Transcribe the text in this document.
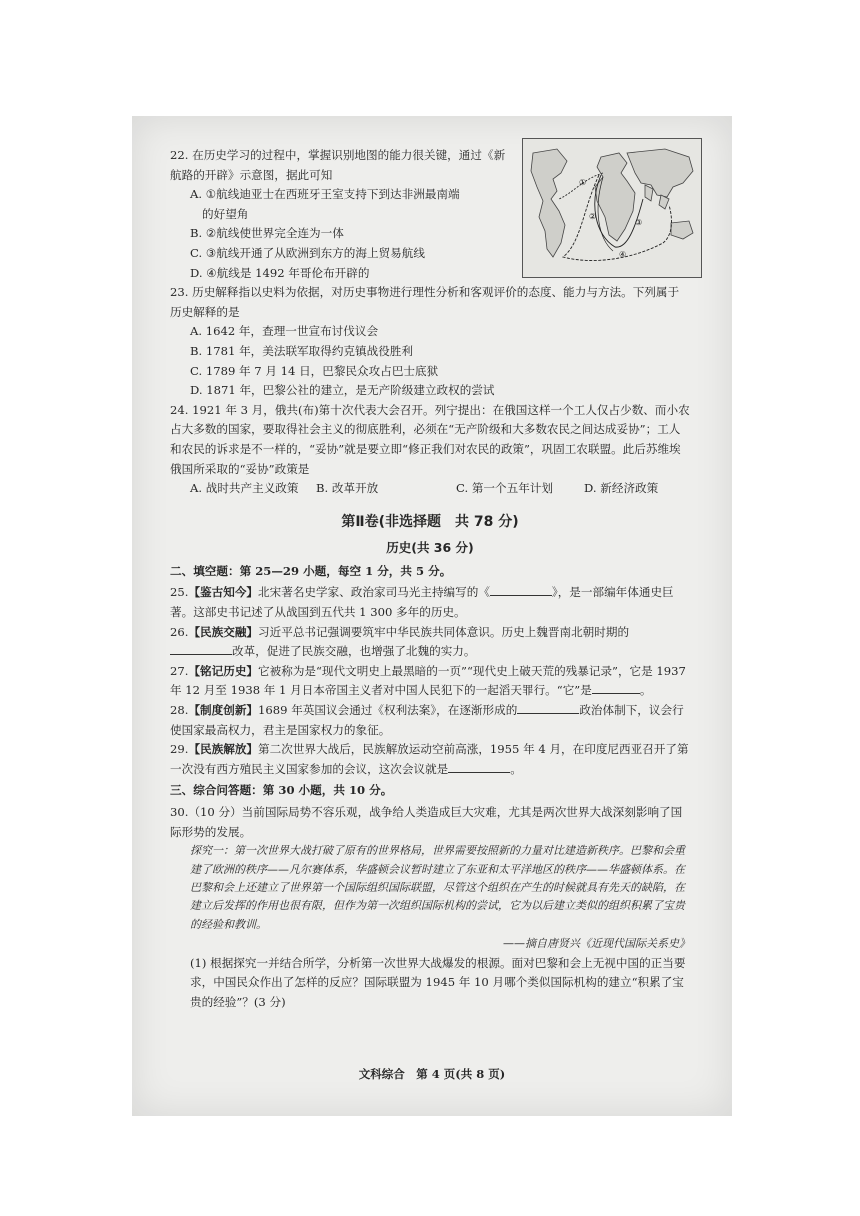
①
②
③
④
22. 在历史学习的过程中，掌握识别地图的能力很关键，通过《新航路的开辟》示意图，据此可知
A. ①航线迪亚士在西班牙王室支持下到达非洲最南端
的好望角
B. ②航线使世界完全连为一体
C. ③航线开通了从欧洲到东方的海上贸易航线
D. ④航线是 1492 年哥伦布开辟的
23. 历史解释指以史料为依据，对历史事物进行理性分析和客观评价的态度、能力与方法。下列属于历史解释的是
A. 1642 年，查理一世宣布讨伐议会
B. 1781 年，美法联军取得约克镇战役胜利
C. 1789 年 7 月 14 日，巴黎民众攻占巴士底狱
D. 1871 年，巴黎公社的建立，是无产阶级建立政权的尝试
24. 1921 年 3 月，俄共(布)第十次代表大会召开。列宁提出：在俄国这样一个工人仅占少数、而小农占大多数的国家，要取得社会主义的彻底胜利，必须在“无产阶级和大多数农民之间达成妥协”；工人和农民的诉求是不一样的，“妥协”就是要立即“修正我们对农民的政策”，巩固工农联盟。此后苏维埃俄国所采取的“妥协”政策是
A. 战时共产主义政策	B. 改革开放	C. 第一个五年计划	D. 新经济政策
第Ⅱ卷(非选择题　共 78 分)
历史(共 36 分)
二、填空题：第 25—29 小题，每空 1 分，共 5 分。
25.【鉴古知今】北宋著名史学家、政治家司马光主持编写的《	》，是一部编年体通史巨著。这部史书记述了从战国到五代共 1 300 多年的历史。
26.【民族交融】习近平总书记强调要筑牢中华民族共同体意识。历史上魏晋南北朝时期的改革，促进了民族交融，也增强了北魏的实力。
27.【铭记历史】它被称为是“现代文明史上最黑暗的一页”“现代史上破天荒的残暴记录”，它是 1937 年 12 月至 1938 年 1 月日本帝国主义者对中国人民犯下的一起滔天罪行。“它”是	。
28.【制度创新】1689 年英国议会通过《权利法案》，在逐渐形成的	政治体制下，议会行使国家最高权力，君主是国家权力的象征。
29.【民族解放】第二次世界大战后，民族解放运动空前高涨，1955 年 4 月，在印度尼西亚召开了第一次没有西方殖民主义国家参加的会议，这次会议就是	。
三、综合问答题：第 30 小题，共 10 分。
30.（10 分）当前国际局势不容乐观，战争给人类造成巨大灾难，尤其是两次世界大战深刻影响了国际形势的发展。
探究一：第一次世界大战打破了原有的世界格局，世界需要按照新的力量对比建造新秩序。巴黎和会重建了欧洲的秩序——凡尔赛体系，华盛顿会议暂时建立了东亚和太平洋地区的秩序——华盛顿体系。在巴黎和会上还建立了世界第一个国际组织国际联盟，尽管这个组织在产生的时候就具有先天的缺陷，在建立后发挥的作用也很有限，但作为第一次组织国际机构的尝试，它为以后建立类似的组织积累了宝贵的经验和教训。
——摘自唐贤兴《近现代国际关系史》
(1) 根据探究一并结合所学，分析第一次世界大战爆发的根源。面对巴黎和会上无视中国的正当要求，中国民众作出了怎样的反应？国际联盟为 1945 年 10 月哪个类似国际机构的建立“积累了宝贵的经验”？(3 分)
文科综合　第 4 页(共 8 页)
